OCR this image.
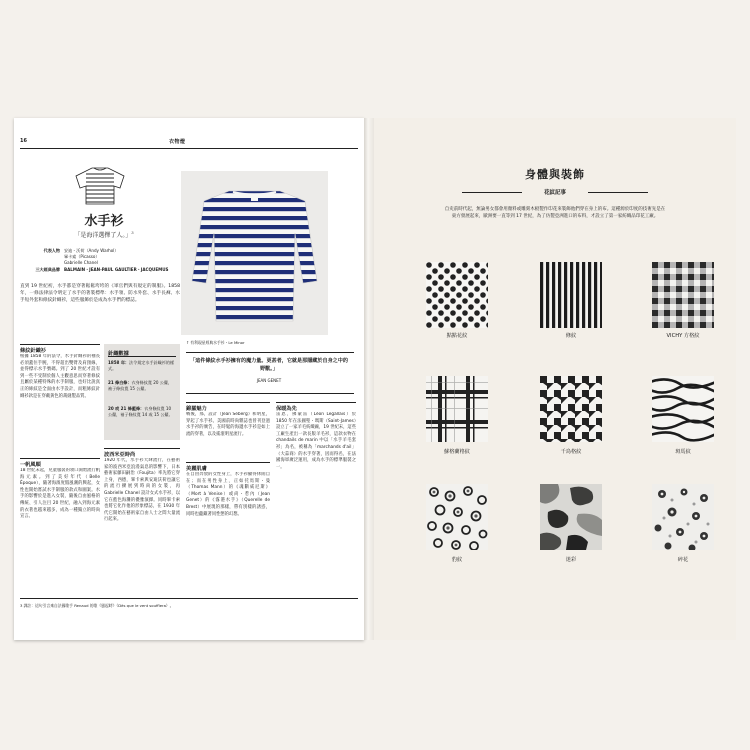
16	衣物燈
水手衫
「是海洋選擇了人。」$^3$
代表人物 安迪・沃荷（Andy Warhol）
畢卡索（Picasso）
Gabrielle Chanel
三大經典品牌 BALMAIN・JEAN-PAUL GAULTIER・JACQUEMUS
直到 19 世紀初，水手都是穿著鬆鬆垮垮的《軍官們與有規定的制服》。1858 年，一條法律法令明定了水手的著裝標準：水手領、防水外套、水手長褲、水手短外套和條紋針織衫，這些服飾於是成為水手們的標誌。
↑ 有利現星經典水手衫・Le Minor
「這件條紋水手衫擁有的魔力量。更甚者，它就是那隱藏於自身之中的野獸。」
JEAN GENET
條紋針織衫
根據 1858 年的法令，水手針織衫的袖長必須蓋住手腕，不得超出雙臂及肩頸線，並得標示水手號碼。到了 20 世紀才設有到一些不受制於個人主觀意思而穿著條紋且屬於某種特殊的水手制服，也好比說真正的條紋是全面由水手設計，而粗條紋針織衫款是在穿戴黃色的裁縫製品質。
一帆風順
18 世紀末起，兒童服裝的領口開始流行帆海元素。到了美好年代（Belle Époque），隨著海濱度假風潮的興起，女性也開始嘗試水手制服的款式和圖案。水手的影響於是進入女裝，隨後自由風格的傳統、引人注目 20 世紀，融入到海元素的衣著也越來越多，成為一種獨立的時尚宣言。
針織數據
1858 年：法令規定水手針織衫的樣式。
21 條白條：衣身條紋寬 20 公釐，袖子條紋寬 15 公釐。
20 或 21 條藍條：衣身條紋寬 10 公釐，袖子條紋寬 14 或 15 公釐。
波西米亞時尚
1920 年代，水手衫大肆流行，在藝術家的波西米亞浪漫氣息的影響下，日本藝術家藤田嗣治（Foujita）率先將它穿上身，西德，畢卡索與安迪沃荷也讓它的流行擴展到時尚的女裝，再 Gabrielle Chanel 設計女式水手衫，以它在藍色海灘的優雅演繹。同時畢卡索也將它化作他的形象標誌，在 1930 年代它開始在藝術家自由人士之間大量流行起來。
錦羅魅力
戰後，那，設計（Jean Seberg）和明星，穿起了水手衫。美國前時尚雜誌也曾刊登過水手衫的廣告，在時髦的海邊水手衫是如上流的穿著，以及搖滾明星流行。
美麗肌膚
在自由奔放的女性身上，水手衫顯得休閒自在；而在男性身上，正如托馬斯・曼（Thomas Mann）的《魂斷威尼斯》（Mort à Venise）或尚・惹內（Jean Genet）的《霧港水手》（Querelle de Brest）中展現的那樣，帶有別樣的誘惑，同時也蘊藏著同性戀的幻想。
保暖為先
雷恩、佛蒙雷（Léon Legallais）於 1850 年在法國聖・瑪斯（Saint-James）設立了一家羊毛紡織廠，19 世紀末，這些工廠生產出一款長版羊毛衫，這款衣物在 chandails de marin 中以「水手羊毛套衫」為名，被稱為「marchands d'ail」（大蒜商）的水手穿著，因而得名，在法國海軍廣泛運用，成為水手的標準服裝之一。
3 譯註：這句引言來自法國歌手 Renaud 的歌《風起時》（Dès que le vent soufflera）。
身體與裝飾
花紋記事
自史前時代起，無論男女都會用顏料或雕刻木板製作印花來裝飾他們穿在身上的布。這種源於印度的技術先是在東方發展起來，歐洲要一直等到 17 世紀，為了仿製亞洲進口的布料，才設立了第一家紡織品印花工廠。
點點花紋	條紋	VICHY 方格紋
蘇格蘭格紋	千鳥格紋	斑馬紋
豹紋	迷彩	碎花
